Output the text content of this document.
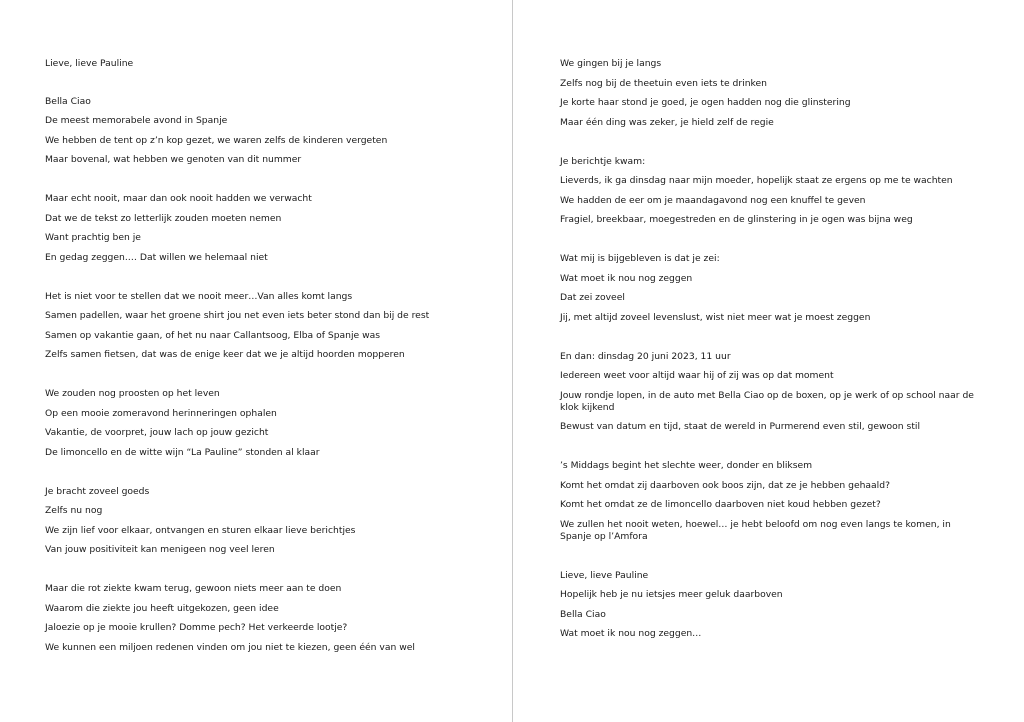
Lieve, lieve Pauline
Bella Ciao
De meest memorabele avond in Spanje
We hebben de tent op z’n kop gezet, we waren zelfs de kinderen vergeten
Maar bovenal, wat hebben we genoten van dit nummer
Maar echt nooit, maar dan ook nooit hadden we verwacht
Dat we de tekst zo letterlijk zouden moeten nemen
Want prachtig ben je
En gedag zeggen.… Dat willen we helemaal niet
Het is niet voor te stellen dat we nooit meer…Van alles komt langs
Samen padellen, waar het groene shirt jou net even iets beter stond dan bij de rest
Samen op vakantie gaan, of het nu naar Callantsoog, Elba of Spanje was
Zelfs samen fietsen, dat was de enige keer dat we je altijd hoorden mopperen
We zouden nog proosten op het leven
Op een mooie zomeravond herinneringen ophalen
Vakantie, de voorpret, jouw lach op jouw gezicht
De limoncello en de witte wijn “La Pauline” stonden al klaar
Je bracht zoveel goeds
Zelfs nu nog
We zijn lief voor elkaar, ontvangen en sturen elkaar lieve berichtjes
Van jouw positiviteit kan menigeen nog veel leren
Maar die rot ziekte kwam terug, gewoon niets meer aan te doen
Waarom die ziekte jou heeft uitgekozen, geen idee
Jaloezie op je mooie krullen? Domme pech? Het verkeerde lootje?
We kunnen een miljoen redenen vinden om jou niet te kiezen, geen één van wel
We gingen bij je langs
Zelfs nog bij de theetuin even iets te drinken
Je korte haar stond je goed, je ogen hadden nog die glinstering
Maar één ding was zeker, je hield zelf de regie
Je berichtje kwam:
Lieverds, ik ga dinsdag naar mijn moeder, hopelijk staat ze ergens op me te wachten
We hadden de eer om je maandagavond nog een knuffel te geven
Fragiel, breekbaar, moegestreden en de glinstering in je ogen was bijna weg
Wat mij is bijgebleven is dat je zei:
Wat moet ik nou nog zeggen
Dat zei zoveel
Jij, met altijd zoveel levenslust, wist niet meer wat je moest zeggen
En dan: dinsdag 20 juni 2023, 11 uur
Iedereen weet voor altijd waar hij of zij was op dat moment
Jouw rondje lopen, in de auto met Bella Ciao op de boxen, op je werk of op school naar de klok kijkend
Bewust van datum en tijd, staat de wereld in Purmerend even stil, gewoon stil
’s Middags begint het slechte weer, donder en bliksem
Komt het omdat zij daarboven ook boos zijn, dat ze je hebben gehaald?
Komt het omdat ze de limoncello daarboven niet koud hebben gezet?
We zullen het nooit weten, hoewel… je hebt beloofd om nog even langs te komen, in Spanje op l’Amfora
Lieve, lieve Pauline
Hopelijk heb je nu ietsjes meer geluk daarboven
Bella Ciao
Wat moet ik nou nog zeggen…
